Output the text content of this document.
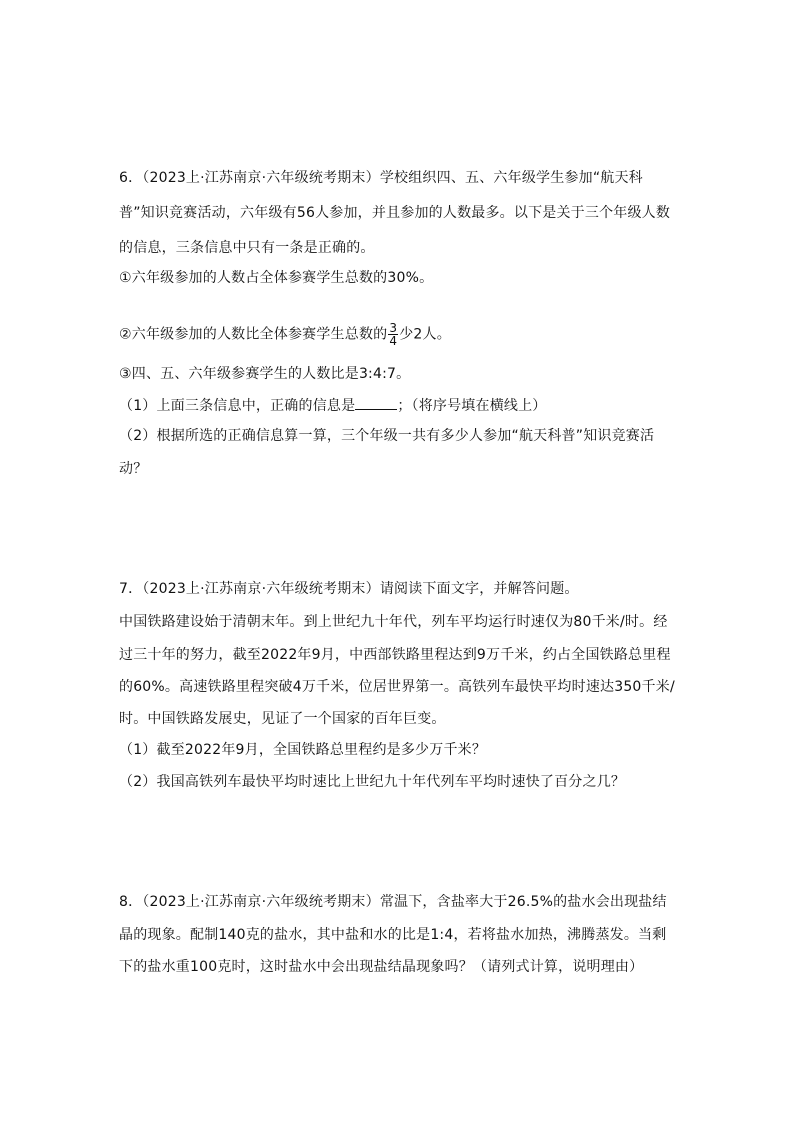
6．（2023上·江苏南京·六年级统考期末）学校组织四、五、六年级学生参加“航天科
普”知识竞赛活动，六年级有56人参加，并且参加的人数最多。以下是关于三个年级人数
的信息，三条信息中只有一条是正确的。
①六年级参加的人数占全体参赛学生总数的30%。
②六年级参加的人数比全体参赛学生总数的 $\frac{3}{4}$ 少2人。
③四、五、六年级参赛学生的人数比是3:4:7。
（1）上面三条信息中，正确的信息是	；（将序号填在横线上）
（2）根据所选的正确信息算一算，三个年级一共有多少人参加“航天科普”知识竞赛活
动？
7．（2023上·江苏南京·六年级统考期末）请阅读下面文字，并解答问题。
中国铁路建设始于清朝末年。到上世纪九十年代，列车平均运行时速仅为80千米/时。经
过三十年的努力，截至2022年9月，中西部铁路里程达到9万千米，约占全国铁路总里程
的60%。高速铁路里程突破4万千米，位居世界第一。高铁列车最快平均时速达350千米/
时。中国铁路发展史，见证了一个国家的百年巨变。
（1）截至2022年9月，全国铁路总里程约是多少万千米？
（2）我国高铁列车最快平均时速比上世纪九十年代列车平均时速快了百分之几？
8．（2023上·江苏南京·六年级统考期末）常温下，含盐率大于26.5%的盐水会出现盐结
晶的现象。配制140克的盐水，其中盐和水的比是1:4，若将盐水加热，沸腾蒸发。当剩
下的盐水重100克时，这时盐水中会出现盐结晶现象吗？（请列式计算，说明理由）
